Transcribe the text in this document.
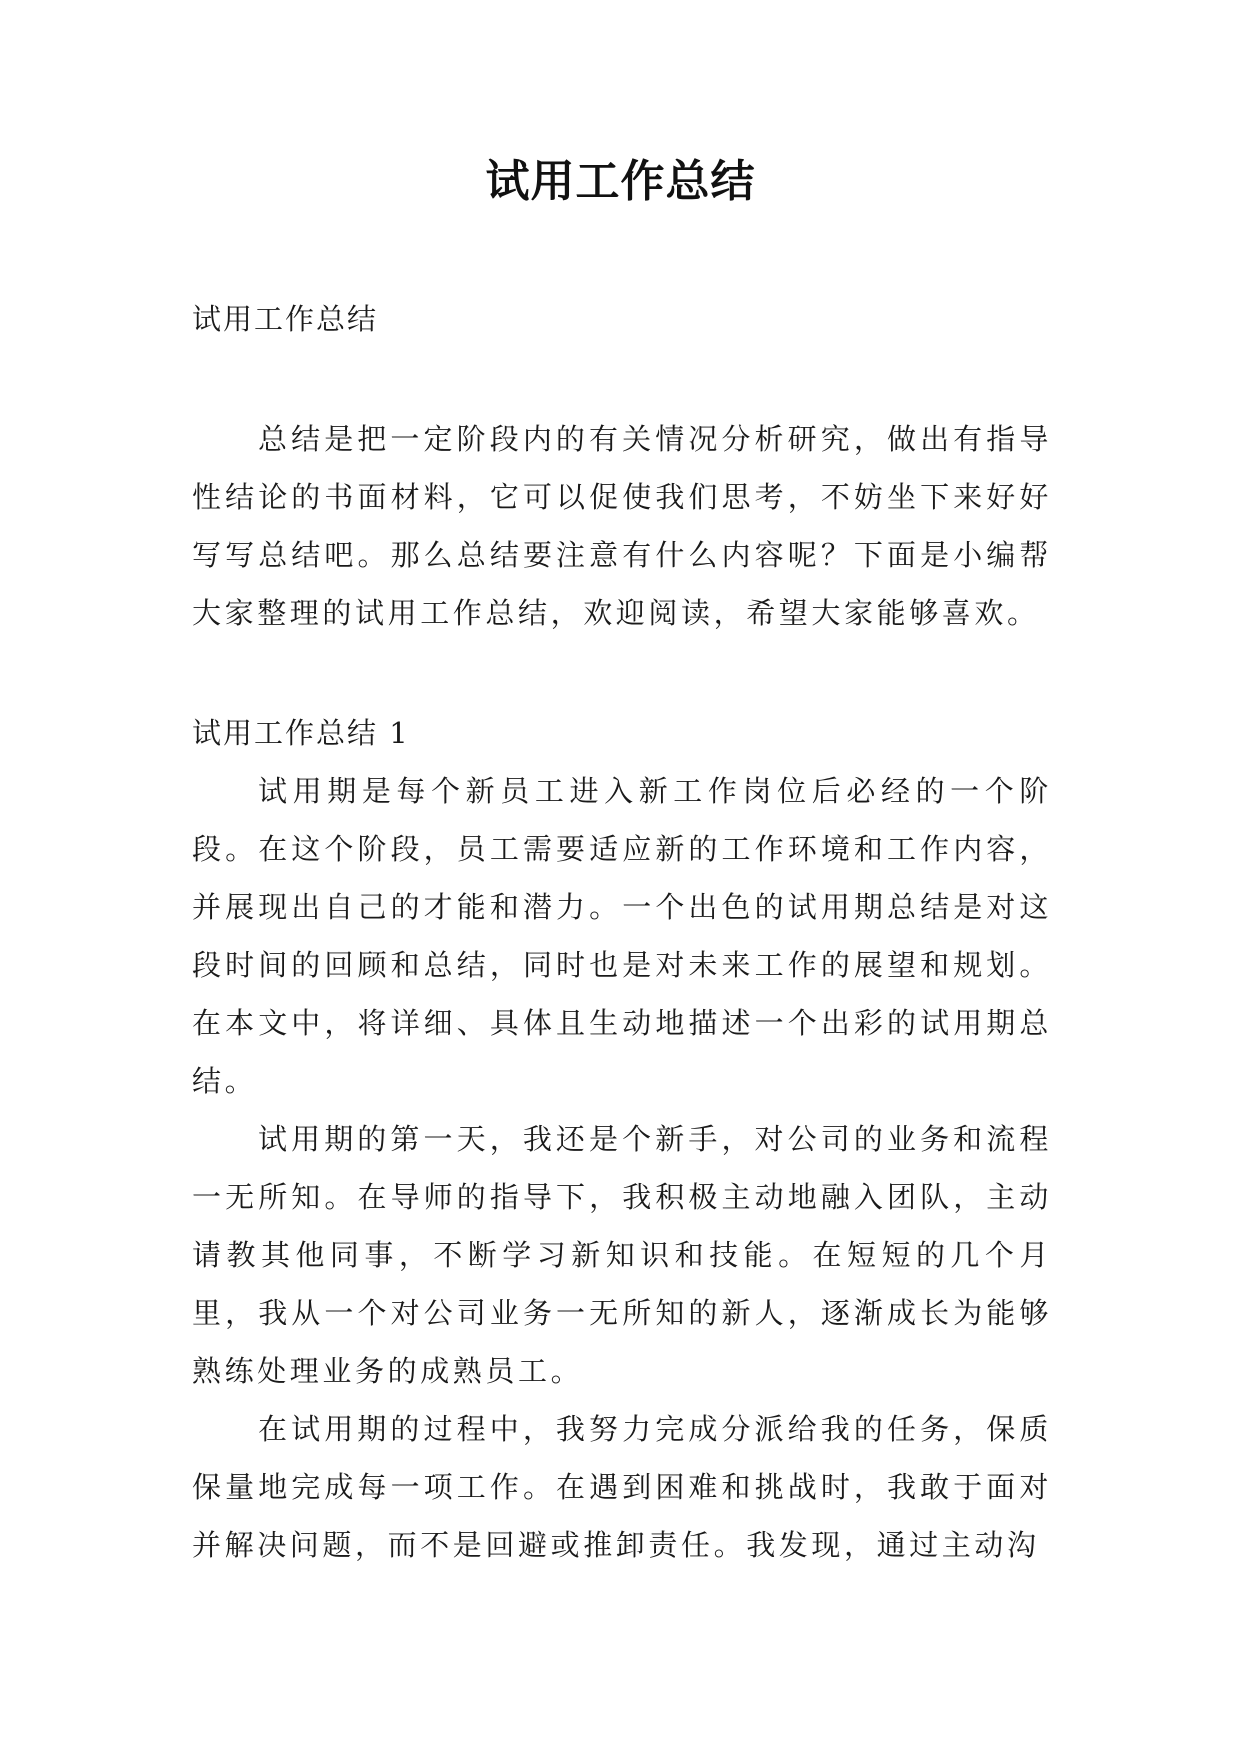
试用工作总结

试用工作总结

总结是把一定阶段内的有关情况分析研究，做出有指导性结论的书面材料，它可以促使我们思考，不妨坐下来好好写写总结吧。那么总结要注意有什么内容呢？下面是小编帮大家整理的试用工作总结，欢迎阅读，希望大家能够喜欢。

试用工作总结 1

试用期是每个新员工进入新工作岗位后必经的一个阶段。在这个阶段，员工需要适应新的工作环境和工作内容，并展现出自己的才能和潜力。一个出色的试用期总结是对这段时间的回顾和总结，同时也是对未来工作的展望和规划。在本文中，将详细、具体且生动地描述一个出彩的试用期总结。

试用期的第一天，我还是个新手，对公司的业务和流程一无所知。在导师的指导下，我积极主动地融入团队，主动请教其他同事，不断学习新知识和技能。在短短的几个月里，我从一个对公司业务一无所知的新人，逐渐成长为能够熟练处理业务的成熟员工。

在试用期的过程中，我努力完成分派给我的任务，保质保量地完成每一项工作。在遇到困难和挑战时，我敢于面对并解决问题，而不是回避或推卸责任。我发现，通过主动沟
